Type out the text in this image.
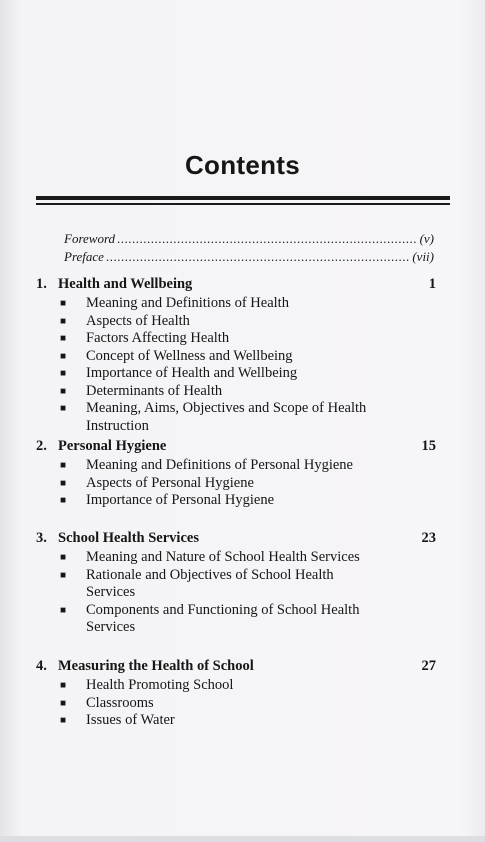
Contents
Foreword .....	(v)
Preface .....	(vii)
1. Health and Wellbeing	1
■	Meaning and Definitions of Health
■	Aspects of Health
■	Factors Affecting Health
■	Concept of Wellness and Wellbeing
■	Importance of Health and Wellbeing
■	Determinants of Health
■	Meaning, Aims, Objectives and Scope of Health Instruction
2. Personal Hygiene	15
■	Meaning and Definitions of Personal Hygiene
■	Aspects of Personal Hygiene
■	Importance of Personal Hygiene
3. School Health Services	23
■	Meaning and Nature of School Health Services
■	Rationale and Objectives of School Health Services
■	Components and Functioning of School Health Services
4. Measuring the Health of School	27
■	Health Promoting School
■	Classrooms
■	Issues of Water
